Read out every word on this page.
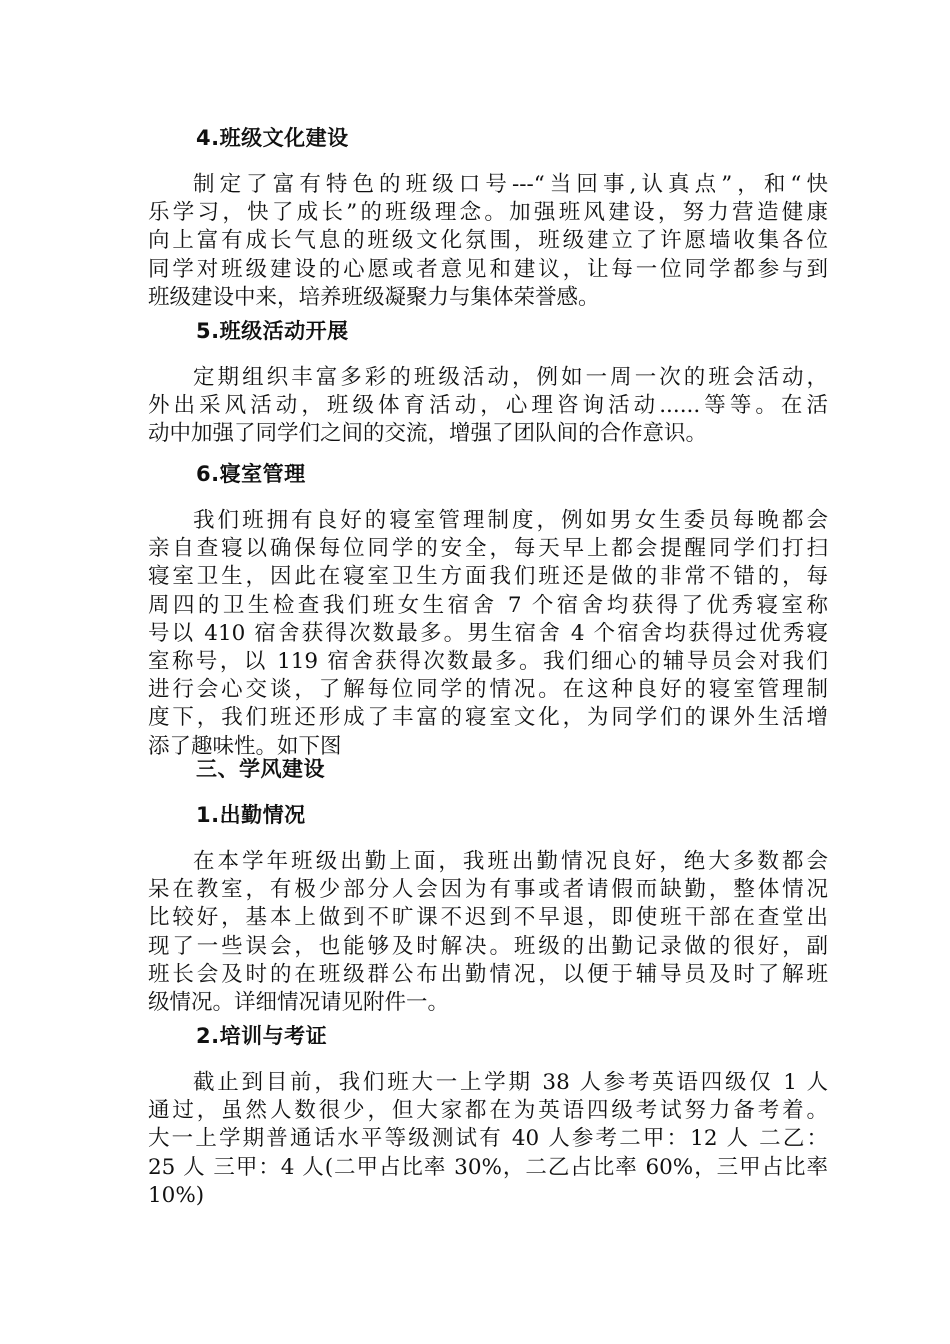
4.班级文化建设
制定了富有特色的班级口号---“当回事,认真点”，和“快
乐学习，快了成长”的班级理念。加强班风建设，努力营造健康
向上富有成长气息的班级文化氛围，班级建立了许愿墙收集各位
同学对班级建设的心愿或者意见和建议，让每一位同学都参与到
班级建设中来，培养班级凝聚力与集体荣誉感。
5.班级活动开展
定期组织丰富多彩的班级活动，例如一周一次的班会活动，
外出采风活动，班级体育活动，心理咨询活动......等等。在活
动中加强了同学们之间的交流，增强了团队间的合作意识。
6.寝室管理
我们班拥有良好的寝室管理制度，例如男女生委员每晚都会
亲自查寝以确保每位同学的安全，每天早上都会提醒同学们打扫
寝室卫生，因此在寝室卫生方面我们班还是做的非常不错的，每
周四的卫生检查我们班女生宿舍 7 个宿舍均获得了优秀寝室称
号以 410 宿舍获得次数最多。男生宿舍 4 个宿舍均获得过优秀寝
室称号，以 119 宿舍获得次数最多。我们细心的辅导员会对我们
进行会心交谈，了解每位同学的情况。在这种良好的寝室管理制
度下，我们班还形成了丰富的寝室文化，为同学们的课外生活增
添了趣味性。如下图
三、学风建设
1.出勤情况
在本学年班级出勤上面，我班出勤情况良好，绝大多数都会
呆在教室，有极少部分人会因为有事或者请假而缺勤，整体情况
比较好，基本上做到不旷课不迟到不早退，即使班干部在查堂出
现了一些误会，也能够及时解决。班级的出勤记录做的很好，副
班长会及时的在班级群公布出勤情况，以便于辅导员及时了解班
级情况。详细情况请见附件一。
2.培训与考证
截止到目前，我们班大一上学期 38 人参考英语四级仅 1 人
通过，虽然人数很少，但大家都在为英语四级考试努力备考着。
大一上学期普通话水平等级测试有 40 人参考二甲：12 人 二乙：
25 人 三甲：4 人(二甲占比率 30%，二乙占比率 60%，三甲占比率
10%)
